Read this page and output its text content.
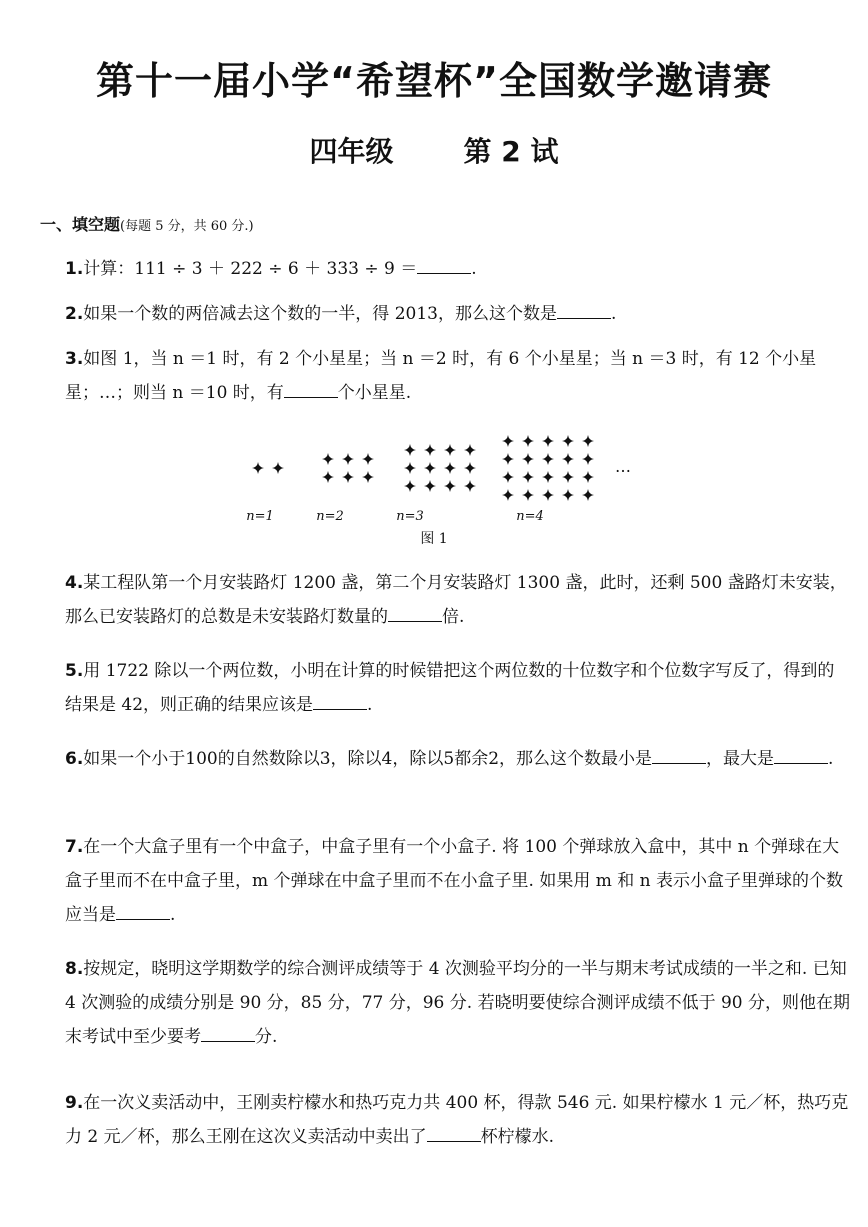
第十一届小学“希望杯”全国数学邀请赛
四年级	第 2 试
一、填空题(每题 5 分，共 60 分.)
1.计算：111 ÷ 3 ＋ 222 ÷ 6 ＋ 333 ÷ 9 ＝	.
2.如果一个数的两倍减去这个数的一半，得 2013，那么这个数是	.
3.如图 1，当 n ＝1 时，有 2 个小星星；当 n ＝2 时，有 6 个小星星；当 n ＝3 时，有 12 个小星星；…；则当 n ＝10 时，有	个小星星.
n=1	n=2	n=3	n=4
…
图 1
4.某工程队第一个月安装路灯 1200 盏，第二个月安装路灯 1300 盏，此时，还剩 500 盏路灯未安装，那么已安装路灯的总数是未安装路灯数量的	倍.
5.用 1722 除以一个两位数，小明在计算的时候错把这个两位数的十位数字和个位数字写反了，得到的结果是 42，则正确的结果应该是	.
6.如果一个小于100的自然数除以3，除以4，除以5都余2，那么这个数最小是	，最大是	.
7.在一个大盒子里有一个中盒子，中盒子里有一个小盒子. 将 100 个弹球放入盒中，其中 n 个弹球在大盒子里而不在中盒子里，m 个弹球在中盒子里而不在小盒子里. 如果用 m 和 n 表示小盒子里弹球的个数应当是	.
8.按规定，晓明这学期数学的综合测评成绩等于 4 次测验平均分的一半与期末考试成绩的一半之和. 已知 4 次测验的成绩分别是 90 分，85 分，77 分，96 分. 若晓明要使综合测评成绩不低于 90 分，则他在期末考试中至少要考	分.
9.在一次义卖活动中，王刚卖柠檬水和热巧克力共 400 杯，得款 546 元. 如果柠檬水 1 元／杯，热巧克力 2 元／杯，那么王刚在这次义卖活动中卖出了	杯柠檬水.
